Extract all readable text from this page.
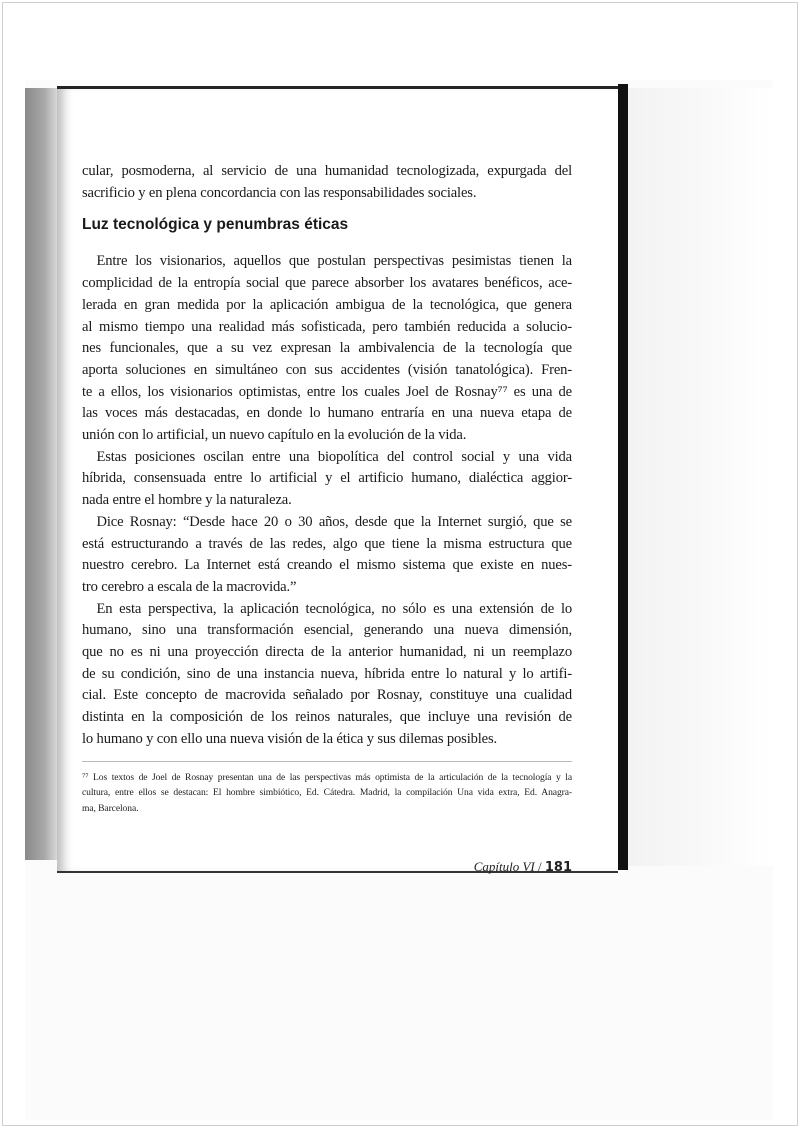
cular, posmoderna, al servicio de una humanidad tecnologizada, expurgada del
sacrificio y en plena concordancia con las responsabilidades sociales.
Luz tecnológica y penumbras éticas
 Entre los visionarios, aquellos que postulan perspectivas pesimistas tienen la
complicidad de la entropía social que parece absorber los avatares benéficos, ace-
lerada en gran medida por la aplicación ambigua de la tecnológica, que genera
al mismo tiempo una realidad más sofisticada, pero también reducida a solucio-
nes funcionales, que a su vez expresan la ambivalencia de la tecnología que
aporta soluciones en simultáneo con sus accidentes (visión tanatológica). Fren-
te a ellos, los visionarios optimistas, entre los cuales Joel de Rosnay⁷⁷ es una de
las voces más destacadas, en donde lo humano entraría en una nueva etapa de
unión con lo artificial, un nuevo capítulo en la evolución de la vida.
 Estas posiciones oscilan entre una biopolítica del control social y una vida
híbrida, consensuada entre lo artificial y el artificio humano, dialéctica aggior-
nada entre el hombre y la naturaleza.
 Dice Rosnay: “Desde hace 20 o 30 años, desde que la Internet surgió, que se
está estructurando a través de las redes, algo que tiene la misma estructura que
nuestro cerebro. La Internet está creando el mismo sistema que existe en nues-
tro cerebro a escala de la macrovida.”
 En esta perspectiva, la aplicación tecnológica, no sólo es una extensión de lo
humano, sino una transformación esencial, generando una nueva dimensión,
que no es ni una proyección directa de la anterior humanidad, ni un reemplazo
de su condición, sino de una instancia nueva, híbrida entre lo natural y lo artifi-
cial. Este concepto de macrovida señalado por Rosnay, constituye una cualidad
distinta en la composición de los reinos naturales, que incluye una revisión de
lo humano y con ello una nueva visión de la ética y sus dilemas posibles.
⁷⁷ Los textos de Joel de Rosnay presentan una de las perspectivas más optimista de la articulación de la tecnología y la
cultura, entre ellos se destacan: El hombre simbiótico, Ed. Cátedra. Madrid, la compilación Una vida extra, Ed. Anagra-
ma, Barcelona.
Capítulo VI / 181
